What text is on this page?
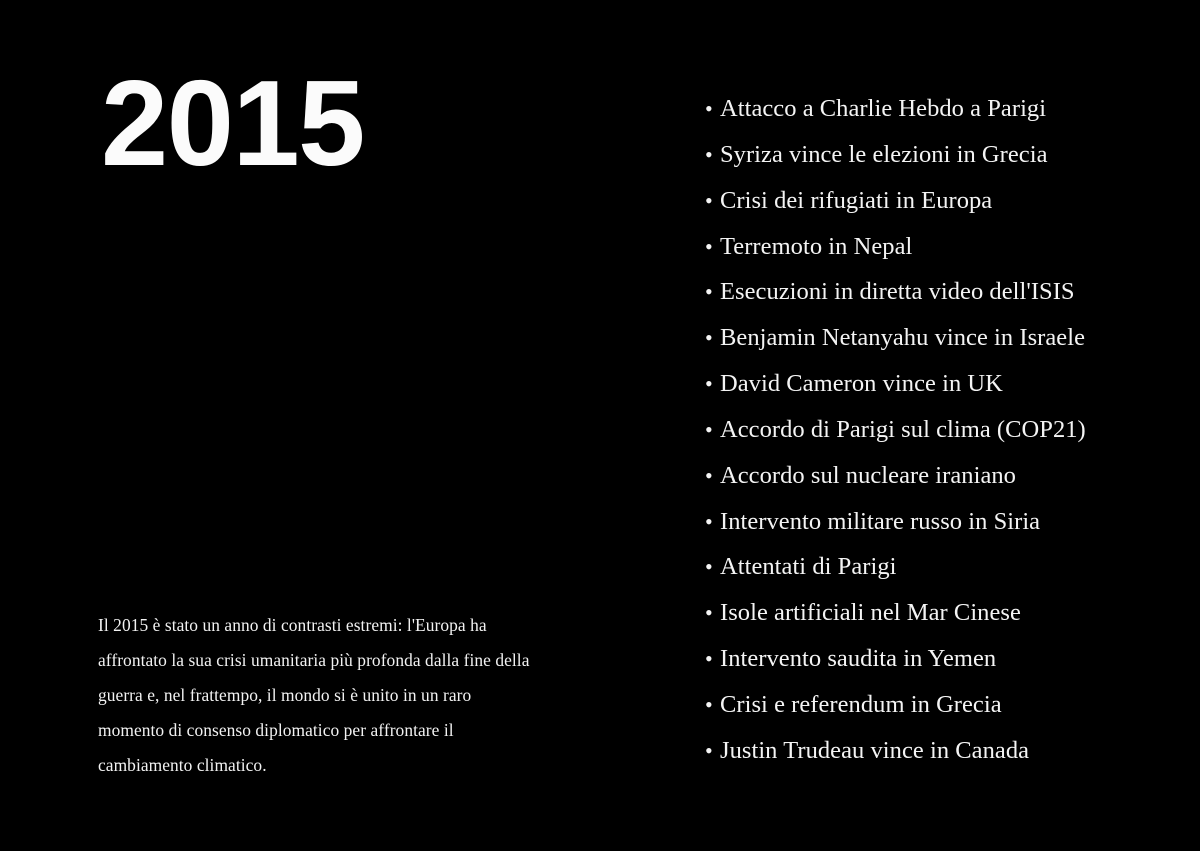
2015

Il 2015 è stato un anno di contrasti estremi: l'Europa ha affrontato la sua crisi umanitaria più profonda dalla fine della guerra e, nel frattempo, il mondo si è unito in un raro momento di consenso diplomatico per affrontare il cambiamento climatico.

• Attacco a Charlie Hebdo a Parigi
• Syriza vince le elezioni in Grecia
• Crisi dei rifugiati in Europa
• Terremoto in Nepal
• Esecuzioni in diretta video dell'ISIS
• Benjamin Netanyahu vince in Israele
• David Cameron vince in UK
• Accordo di Parigi sul clima (COP21)
• Accordo sul nucleare iraniano
• Intervento militare russo in Siria
• Attentati di Parigi
• Isole artificiali nel Mar Cinese
• Intervento saudita in Yemen
• Crisi e referendum in Grecia
• Justin Trudeau vince in Canada
